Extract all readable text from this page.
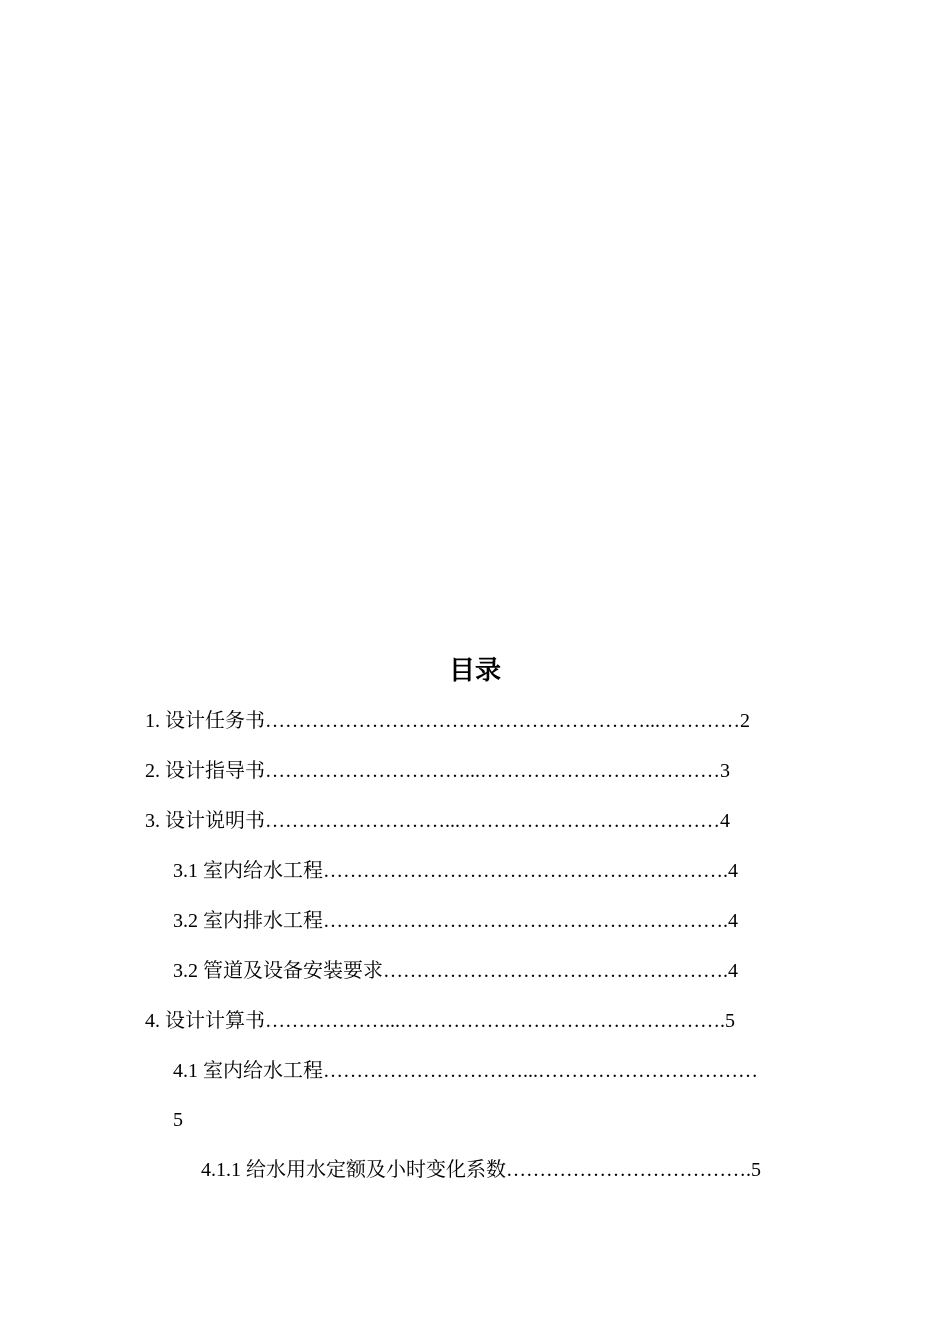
目录
1. 设计任务书…………………………………………………...…………2
2. 设计指导书…………………………...………………………………3
3. 设计说明书………………………...…………………………………4
3.1 室内给水工程…………………………………………………….4
3.2 室内排水工程…………………………………………………….4
3.2 管道及设备安装要求…………………………………………….4
4. 设计计算书………………...………………………………………….5
4.1 室内给水工程…………………………...……………………………
5
4.1.1 给水用水定额及小时变化系数……………………………….5
